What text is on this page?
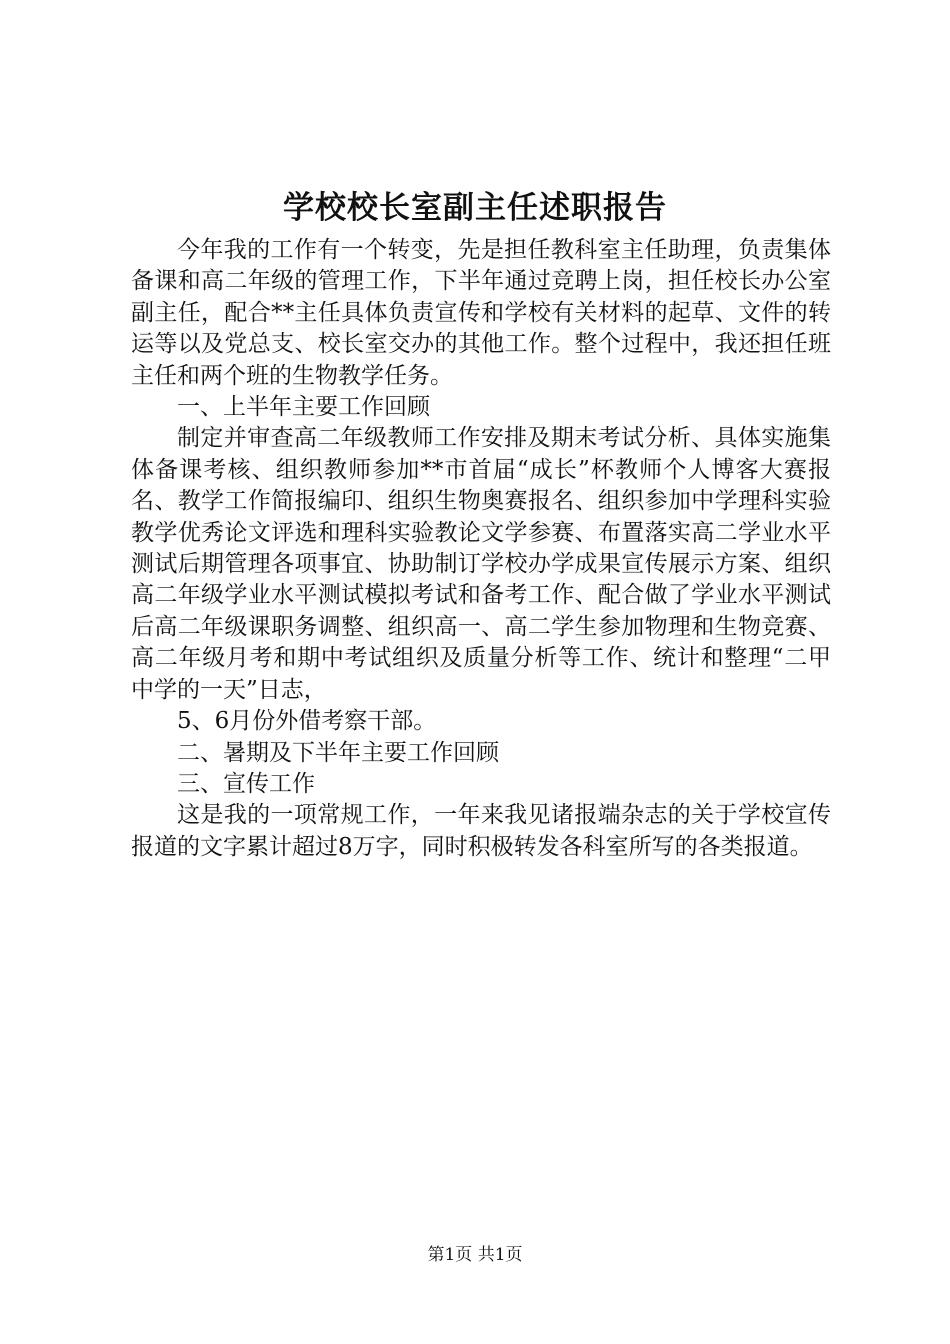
学校校长室副主任述职报告

今年我的工作有一个转变，先是担任教科室主任助理，负责集体备课和高二年级的管理工作，下半年通过竞聘上岗，担任校长办公室副主任，配合**主任具体负责宣传和学校有关材料的起草、文件的转运等以及党总支、校长室交办的其他工作。整个过程中，我还担任班主任和两个班的生物教学任务。

一、上半年主要工作回顾

制定并审查高二年级教师工作安排及期末考试分析、具体实施集体备课考核、组织教师参加**市首届“成长”杯教师个人博客大赛报名、教学工作简报编印、组织生物奥赛报名、组织参加中学理科实验教学优秀论文评选和理科实验教论文学参赛、布置落实高二学业水平测试后期管理各项事宜、协助制订学校办学成果宣传展示方案、组织高二年级学业水平测试模拟考试和备考工作、配合做了学业水平测试后高二年级课职务调整、组织高一、高二学生参加物理和生物竞赛、高二年级月考和期中考试组织及质量分析等工作、统计和整理“二甲中学的一天”日志，

5、6月份外借考察干部。

二、暑期及下半年主要工作回顾

三、宣传工作

这是我的一项常规工作，一年来我见诸报端杂志的关于学校宣传报道的文字累计超过8万字，同时积极转发各科室所写的各类报道。

第1页 共1页
